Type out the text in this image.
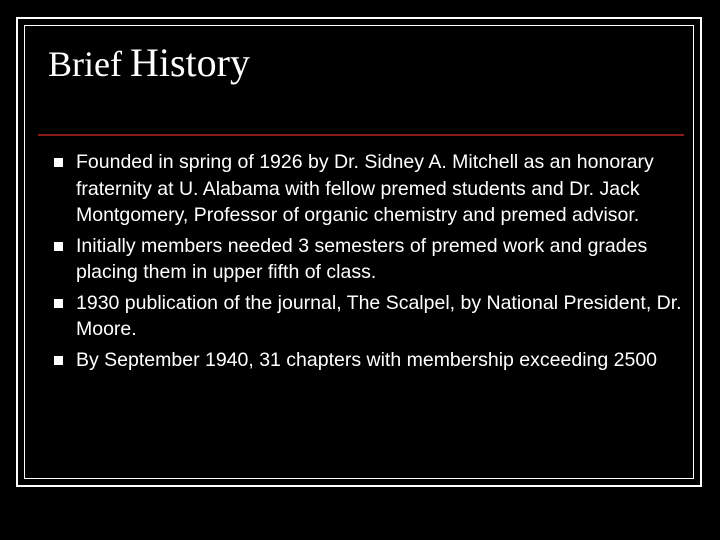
Brief History
Founded in spring of 1926 by Dr. Sidney A. Mitchell as an honorary fraternity at U. Alabama with fellow premed students and Dr. Jack Montgomery, Professor of organic chemistry and premed advisor.
Initially members needed 3 semesters of premed work and grades placing them in upper fifth of class.
1930 publication of the journal, The Scalpel, by National President, Dr. Moore.
By September 1940, 31 chapters with membership exceeding 2500
